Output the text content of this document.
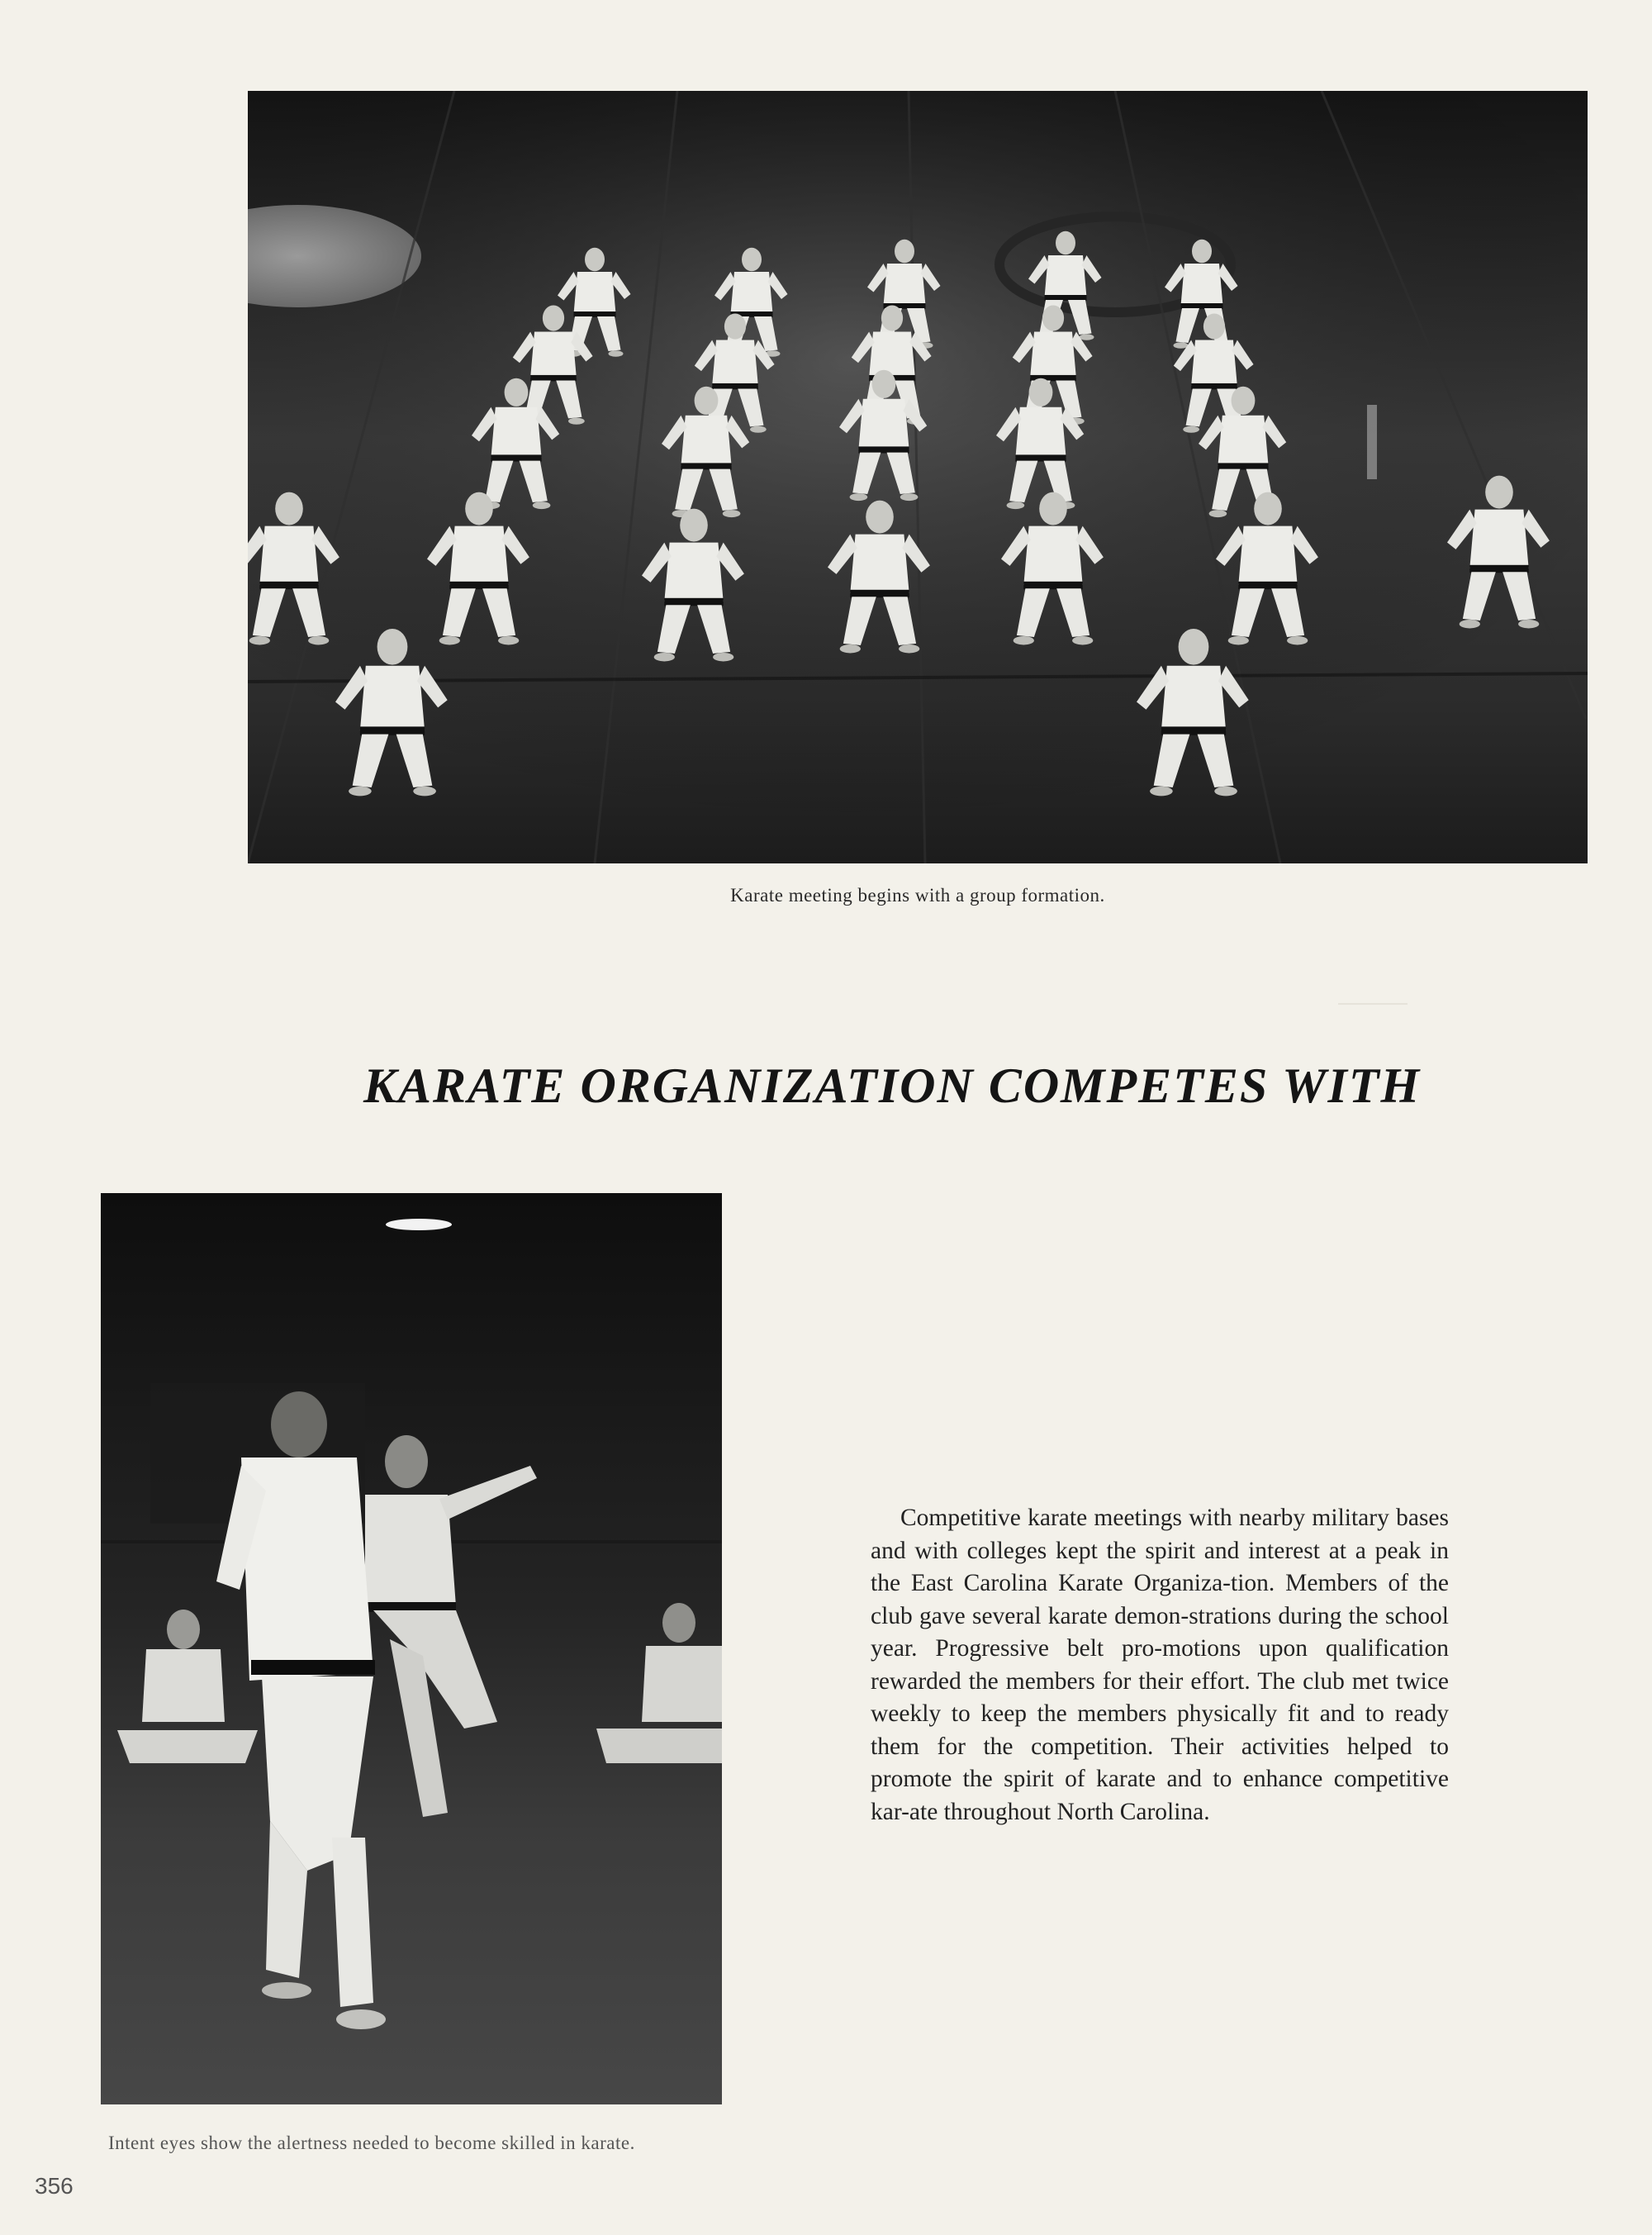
Karate meeting begins with a group formation.
KARATE ORGANIZATION COMPETES WITH
Intent eyes show the alertness needed to become skilled in karate.
Competitive karate meetings with nearby military bases and with colleges kept the spirit and interest at a peak in the East Carolina Karate Organiza-tion. Members of the club gave several karate demon-strations during the school year. Progressive belt pro-motions upon qualification rewarded the members for their effort. The club met twice weekly to keep the members physically fit and to ready them for the competition. Their activities helped to promote the spirit of karate and to enhance competitive kar-ate throughout North Carolina.
356
